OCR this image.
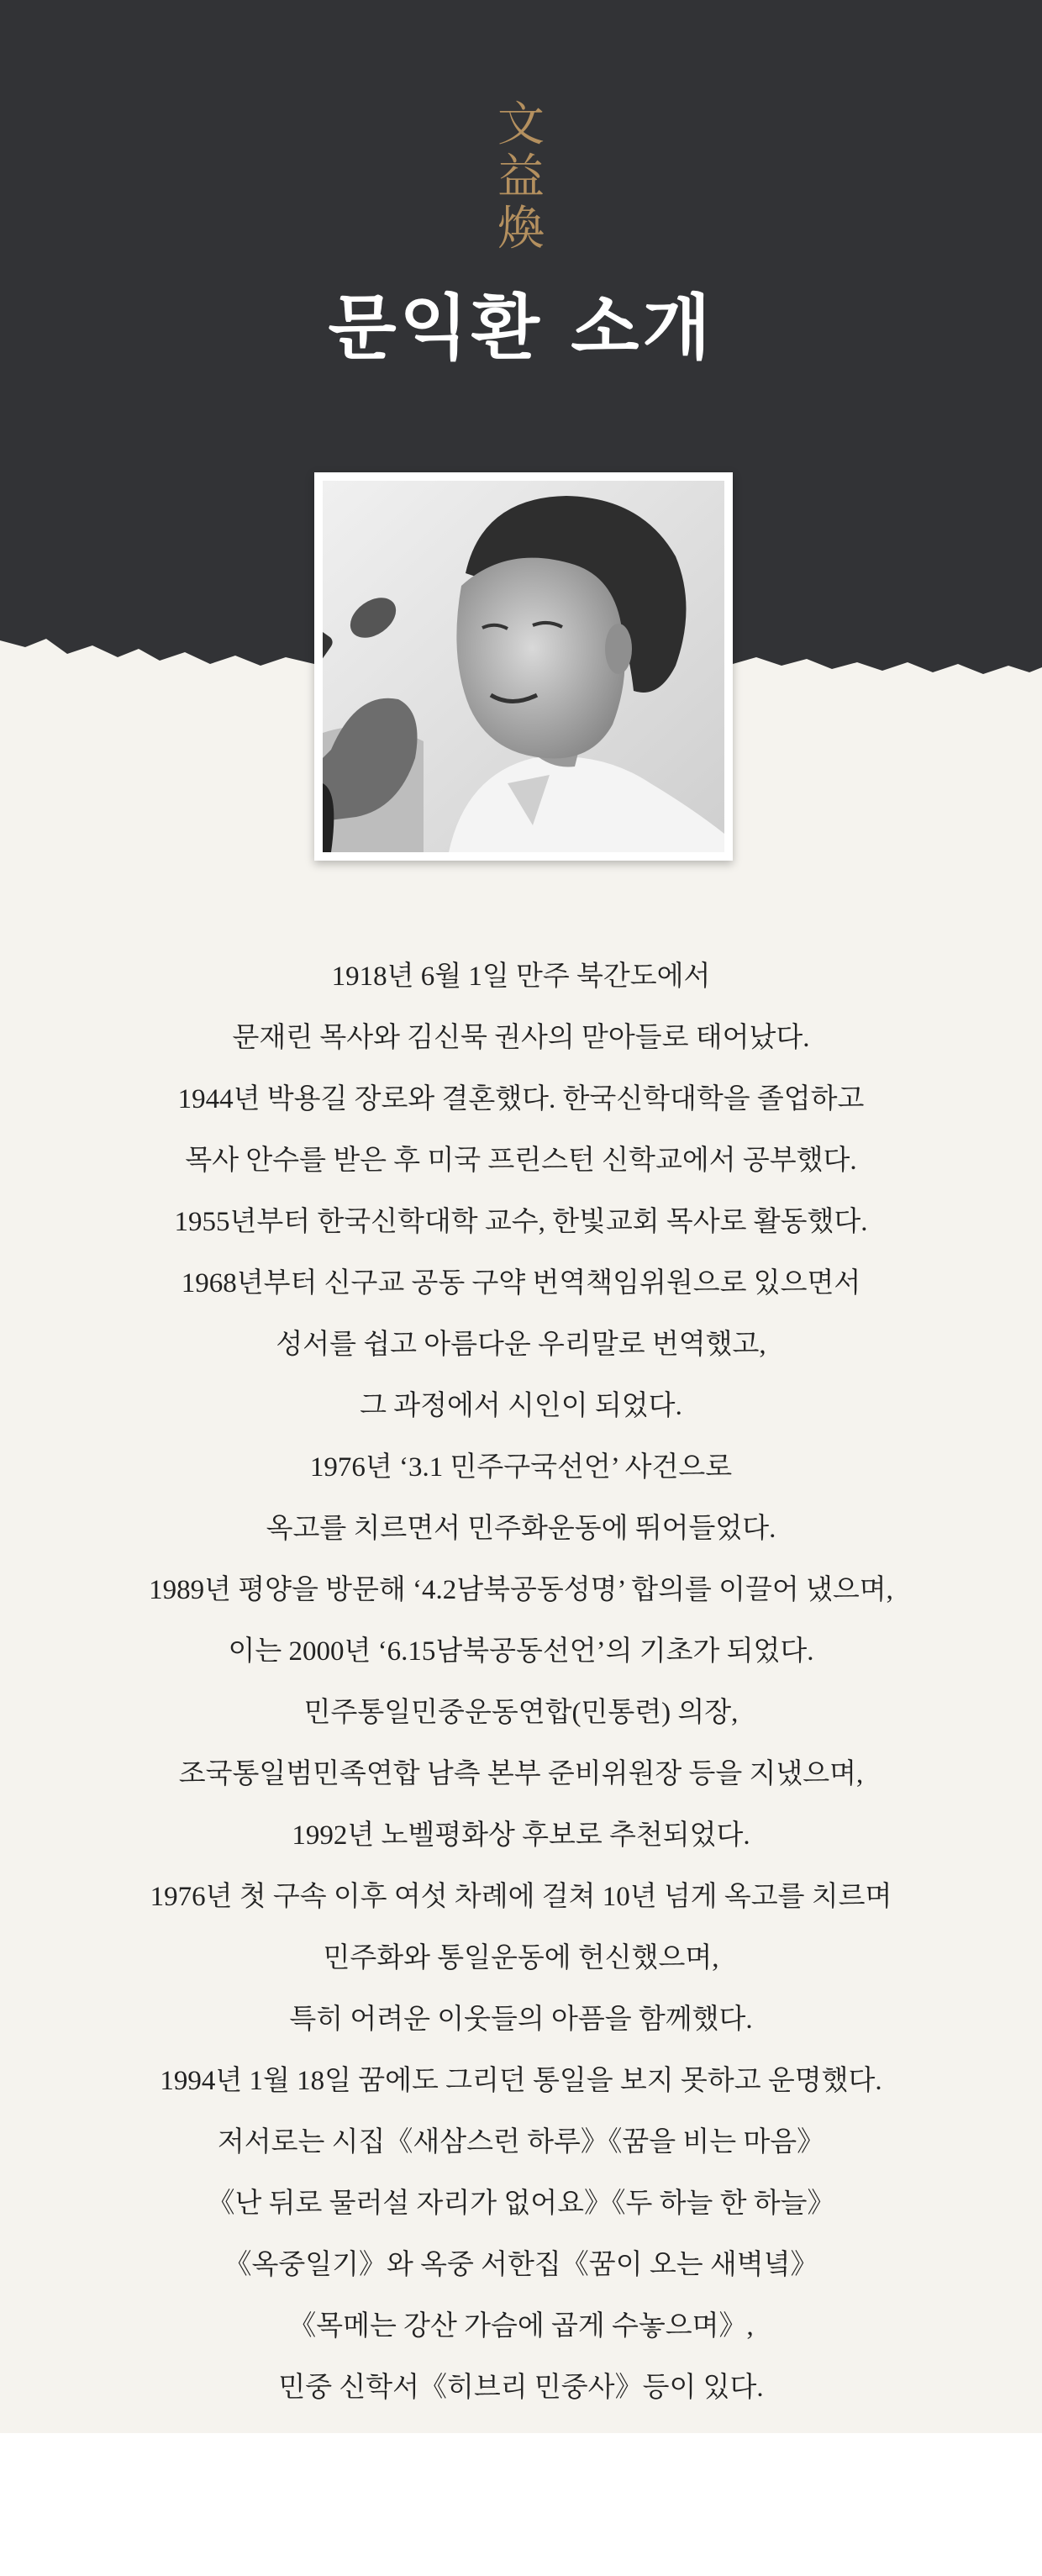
文
益
煥
문익환 소개

1918년 6월 1일 만주 북간도에서

문재린 목사와 김신묵 권사의 맏아들로 태어났다.

1944년 박용길 장로와 결혼했다. 한국신학대학을 졸업하고

목사 안수를 받은 후 미국 프린스턴 신학교에서 공부했다.

1955년부터 한국신학대학 교수, 한빛교회 목사로 활동했다.

1968년부터 신구교 공동 구약 번역책임위원으로 있으면서

성서를 쉽고 아름다운 우리말로 번역했고,

그 과정에서 시인이 되었다.

1976년 ‘3.1 민주구국선언’ 사건으로

옥고를 치르면서 민주화운동에 뛰어들었다.

1989년 평양을 방문해 ‘4.2남북공동성명’ 합의를 이끌어 냈으며,

이는 2000년 ‘6.15남북공동선언’의 기초가 되었다.

민주통일민중운동연합(민통련) 의장,

조국통일범민족연합 남측 본부 준비위원장 등을 지냈으며,

1992년 노벨평화상 후보로 추천되었다.

1976년 첫 구속 이후 여섯 차례에 걸쳐 10년 넘게 옥고를 치르며

민주화와 통일운동에 헌신했으며,

특히 어려운 이웃들의 아픔을 함께했다.

1994년 1월 18일 꿈에도 그리던 통일을 보지 못하고 운명했다.

저서로는 시집《새삼스런 하루》《꿈을 비는 마음》

《난 뒤로 물러설 자리가 없어요》《두 하늘 한 하늘》

《옥중일기》와 옥중 서한집《꿈이 오는 새벽녘》

《목메는 강산 가슴에 곱게 수놓으며》,

민중 신학서《히브리 민중사》등이 있다.
